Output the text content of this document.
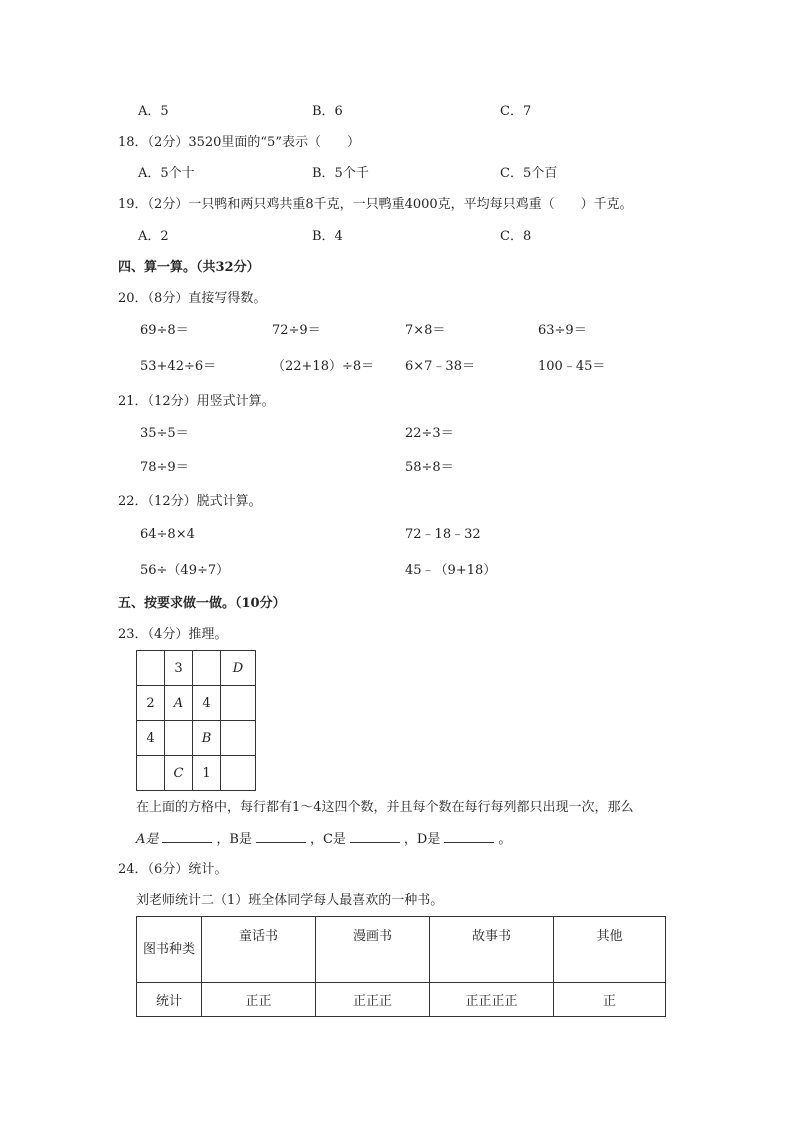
A．5	B．6	C．7
18．（2分）3520里面的“5”表示（　　）
A．5个十	B．5个千	C．5个百
19．（2分）一只鸭和两只鸡共重8千克，一只鸭重4000克，平均每只鸡重（　　）千克。
A．2	B．4	C．8
四、算一算。（共32分）
20．（8分）直接写得数。
69÷8＝	72÷9＝	7×8＝	63÷9＝
53+42÷6＝	（22+18）÷8＝ 6×7﹣38＝	100﹣45＝
21．（12分）用竖式计算。
35÷5＝	22÷3＝
78÷9＝	58÷8＝
22．（12分）脱式计算。
64÷8×4	72﹣18﹣32
56÷（49÷7）	45﹣（9+18）
五、按要求做一做。（10分）
23．（4分）推理。
	3		D
2	A	4	
4		B	
	C	1	
在上面的方格中，每行都有1～4这四个数，并且每个数在每行每列都只出现一次，那么
A是	，B是	，C是	，D是	。
24．（6分）统计。
刘老师统计二（1）班全体同学每人最喜欢的一种书。
图书种类	童话书	漫画书	故事书	其他
统计	正正	正正正	正正正正	正
